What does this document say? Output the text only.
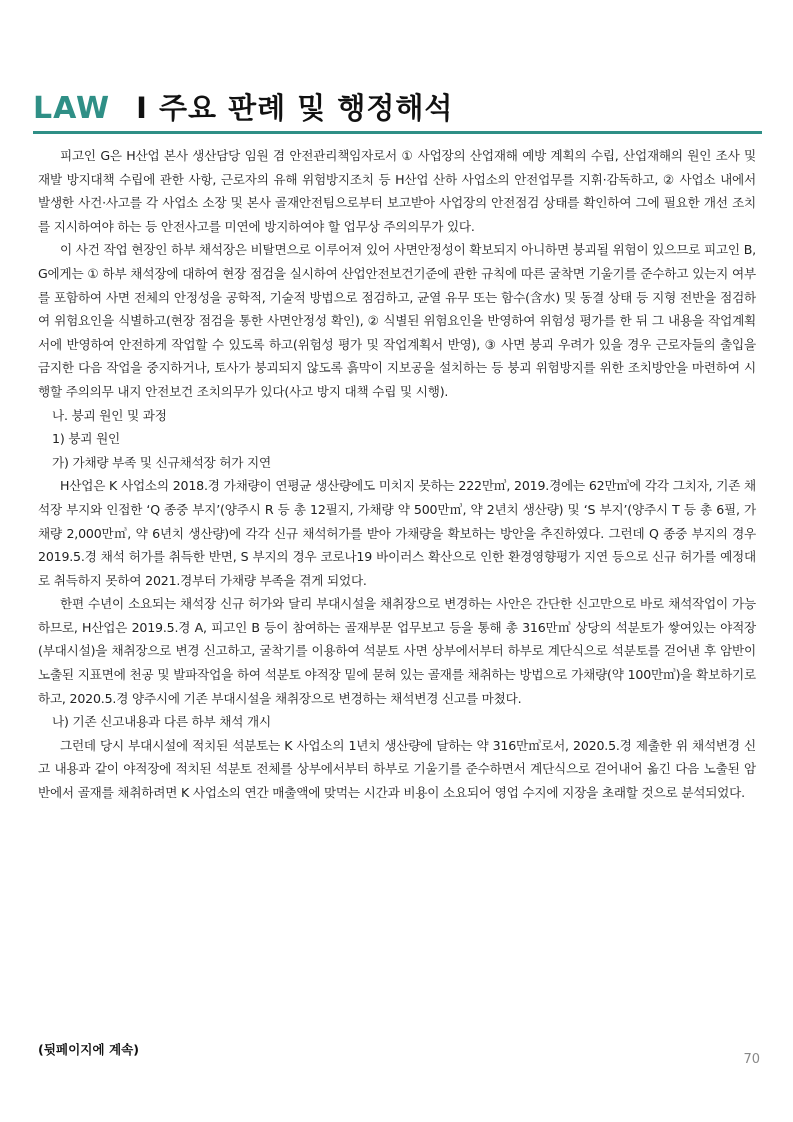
LAW Ⅰ 주요 판례 및 행정해석

피고인 G은 H산업 본사 생산담당 임원 겸 안전관리책임자로서 ① 사업장의 산업재해 예방 계획의 수립, 산업재해의 원인 조사 및 재발 방지대책 수립에 관한 사항, 근로자의 유해 위험방지조치 등 H산업 산하 사업소의 안전업무를 지휘·감독하고, ② 사업소 내에서 발생한 사건·사고를 각 사업소 소장 및 본사 골재안전팀으로부터 보고받아 사업장의 안전점검 상태를 확인하여 그에 필요한 개선 조치를 지시하여야 하는 등 안전사고를 미연에 방지하여야 할 업무상 주의의무가 있다.

이 사건 작업 현장인 하부 채석장은 비탈면으로 이루어져 있어 사면안정성이 확보되지 아니하면 붕괴될 위험이 있으므로 피고인 B, G에게는 ① 하부 채석장에 대하여 현장 점검을 실시하여 산업안전보건기준에 관한 규칙에 따른 굴착면 기울기를 준수하고 있는지 여부를 포함하여 사면 전체의 안정성을 공학적, 기술적 방법으로 점검하고, 균열 유무 또는 함수(含水) 및 동결 상태 등 지형 전반을 점검하여 위험요인을 식별하고(현장 점검을 통한 사면안정성 확인), ② 식별된 위험요인을 반영하여 위험성 평가를 한 뒤 그 내용을 작업계획서에 반영하여 안전하게 작업할 수 있도록 하고(위험성 평가 및 작업계획서 반영), ③ 사면 붕괴 우려가 있을 경우 근로자들의 출입을 금지한 다음 작업을 중지하거나, 토사가 붕괴되지 않도록 흙막이 지보공을 설치하는 등 붕괴 위험방지를 위한 조치방안을 마련하여 시행할 주의의무 내지 안전보건 조치의무가 있다(사고 방지 대책 수립 및 시행).

나. 붕괴 원인 및 과정

1) 붕괴 원인

가) 가채량 부족 및 신규채석장 허가 지연

H산업은 K 사업소의 2018.경 가채량이 연평균 생산량에도 미치지 못하는 222만㎥, 2019.경에는 62만㎥에 각각 그치자, 기존 채석장 부지와 인접한 ‘Q 종중 부지’(양주시 R 등 총 12필지, 가채량 약 500만㎥, 약 2년치 생산량) 및 ‘S 부지’(양주시 T 등 총 6필, 가채량 2,000만㎥, 약 6년치 생산량)에 각각 신규 채석허가를 받아 가채량을 확보하는 방안을 추진하였다. 그런데 Q 종중 부지의 경우 2019.5.경 채석 허가를 취득한 반면, S 부지의 경우 코로나19 바이러스 확산으로 인한 환경영향평가 지연 등으로 신규 허가를 예정대로 취득하지 못하여 2021.경부터 가채량 부족을 겪게 되었다.

한편 수년이 소요되는 채석장 신규 허가와 달리 부대시설을 채취장으로 변경하는 사안은 간단한 신고만으로 바로 채석작업이 가능하므로, H산업은 2019.5.경 A, 피고인 B 등이 참여하는 골재부문 업무보고 등을 통해 총 316만㎥ 상당의 석분토가 쌓여있는 야적장(부대시설)을 채취장으로 변경 신고하고, 굴착기를 이용하여 석분토 사면 상부에서부터 하부로 계단식으로 석분토를 걷어낸 후 암반이 노출된 지표면에 천공 및 발파작업을 하여 석분토 야적장 밑에 묻혀 있는 골재를 채취하는 방법으로 가채량(약 100만㎥)을 확보하기로 하고, 2020.5.경 양주시에 기존 부대시설을 채취장으로 변경하는 채석변경 신고를 마쳤다.

나) 기존 신고내용과 다른 하부 채석 개시

그런데 당시 부대시설에 적치된 석분토는 K 사업소의 1년치 생산량에 달하는 약 316만㎥로서, 2020.5.경 제출한 위 채석변경 신고 내용과 같이 야적장에 적치된 석분토 전체를 상부에서부터 하부로 기울기를 준수하면서 계단식으로 걷어내어 옮긴 다음 노출된 암반에서 골재를 채취하려면 K 사업소의 연간 매출액에 맞먹는 시간과 비용이 소요되어 영업 수지에 지장을 초래할 것으로 분석되었다.

(뒷페이지에 계속)
70
